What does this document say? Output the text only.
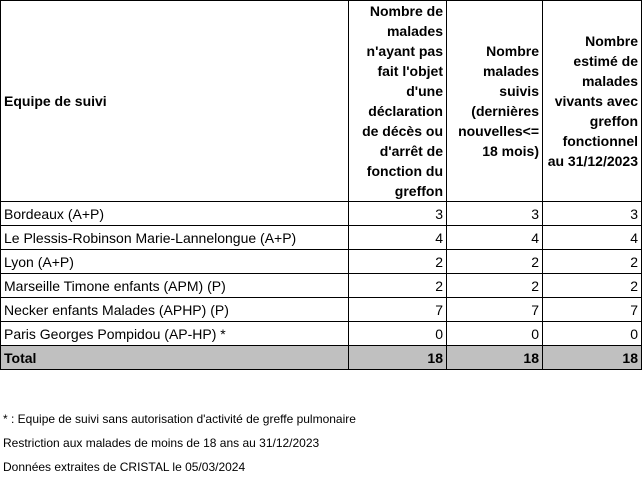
Equipe de suivi	Nombre de malades n'ayant pas fait l'objet d'une déclaration de décès ou d'arrêt de fonction du greffon	Nombre malades suivis (dernières nouvelles<= 18 mois)	Nombre estimé de malades vivants avec greffon fonctionnel au 31/12/2023
Bordeaux (A+P)	3	3	3
Le Plessis-Robinson Marie-Lannelongue (A+P)	4	4	4
Lyon (A+P)	2	2	2
Marseille Timone enfants (APM) (P)	2	2	2
Necker enfants Malades (APHP) (P)	7	7	7
Paris Georges Pompidou (AP-HP) *	0	0	0
Total	18	18	18

* : Equipe de suivi sans autorisation d'activité de greffe pulmonaire

Restriction aux malades de moins de 18 ans au 31/12/2023

Données extraites de CRISTAL le 05/03/2024
